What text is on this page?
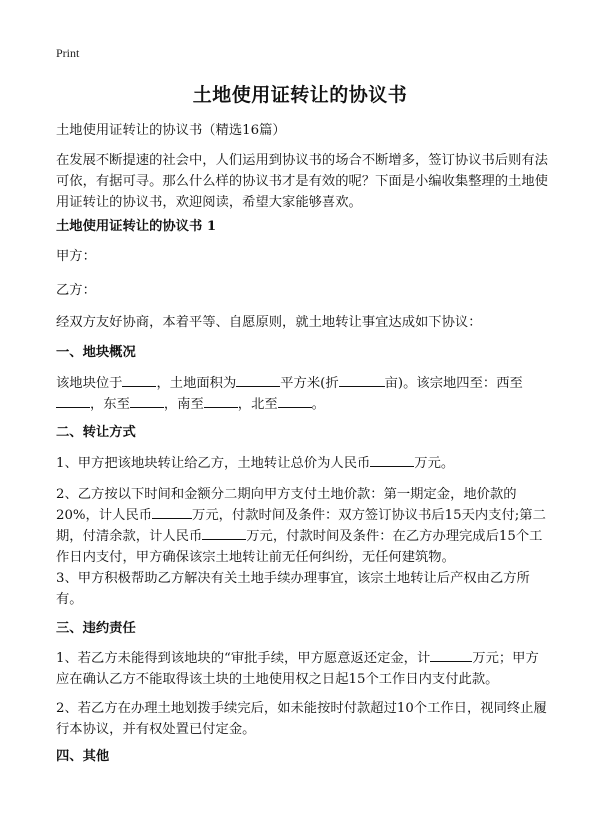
Print
土地使用证转让的协议书
土地使用证转让的协议书（精选16篇）
在发展不断提速的社会中，人们运用到协议书的场合不断增多，签订协议书后则有法可依，有据可寻。那么什么样的协议书才是有效的呢？下面是小编收集整理的土地使用证转让的协议书，欢迎阅读，希望大家能够喜欢。
土地使用证转让的协议书 1
甲方：
乙方：
经双方友好协商，本着平等、自愿原则，就土地转让事宜达成如下协议：
一、地块概况
该地块位于	，土地面积为	平方米(折	亩)。该宗地四至：西至，东至	，南至	，北至	。
二、转让方式
1、甲方把该地块转让给乙方，土地转让总价为人民币	万元。
2、乙方按以下时间和金额分二期向甲方支付土地价款：第一期定金，地价款的20%，计人民币	万元，付款时间及条件：双方签订协议书后15天内支付;第二期，付清余款，计人民币	万元，付款时间及条件：在乙方办理完成后15个工作日内支付，甲方确保该宗土地转让前无任何纠纷，无任何建筑物。
3、甲方积极帮助乙方解决有关土地手续办理事宜，该宗土地转让后产权由乙方所有。
三、违约责任
1、若乙方未能得到该地块的“审批手续，甲方愿意返还定金，计	万元；甲方应在确认乙方不能取得该土块的土地使用权之日起15个工作日内支付此款。
2、若乙方在办理土地划拨手续完后，如未能按时付款超过10个工作日，视同终止履行本协议，并有权处置已付定金。
四、其他
